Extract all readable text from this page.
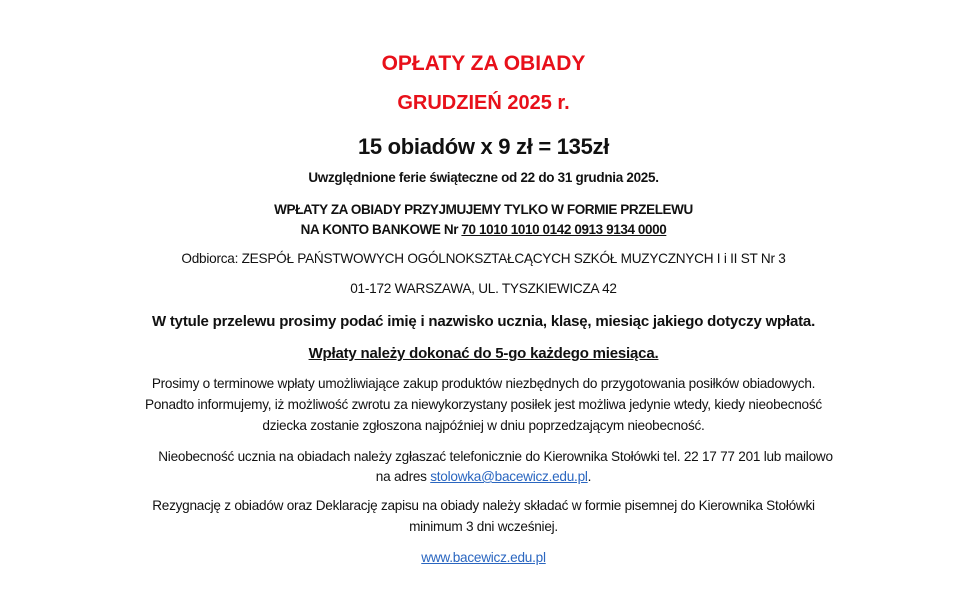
OPŁATY ZA OBIADY
GRUDZIEŃ 2025 r.
15 obiadów x 9 zł = 135zł
Uwzględnione ferie świąteczne od 22 do 31 grudnia 2025.
WPŁATY ZA OBIADY PRZYJMUJEMY TYLKO W FORMIE PRZELEWU
NA KONTO BANKOWE Nr 70 1010 1010 0142 0913 9134 0000
Odbiorca: ZESPÓŁ PAŃSTWOWYCH OGÓLNOKSZTAŁCĄCYCH SZKÓŁ MUZYCZNYCH I i II ST Nr 3
01-172 WARSZAWA, UL. TYSZKIEWICZA 42
W tytule przelewu prosimy podać imię i nazwisko ucznia, klasę, miesiąc jakiego dotyczy wpłata.
Wpłaty należy dokonać do 5-go każdego miesiąca.
Prosimy o terminowe wpłaty umożliwiające zakup produktów niezbędnych do przygotowania posiłków obiadowych.
Ponadto informujemy, iż możliwość zwrotu za niewykorzystany posiłek jest możliwa jedynie wtedy, kiedy nieobecność
dziecka zostanie zgłoszona najpóźniej w dniu poprzedzającym nieobecność.
Nieobecność ucznia na obiadach należy zgłaszać telefonicznie do Kierownika Stołówki tel. 22 17 77 201 lub mailowo
na adres stolowka@bacewicz.edu.pl.
Rezygnację z obiadów oraz Deklarację zapisu na obiady należy składać w formie pisemnej do Kierownika Stołówki
minimum 3 dni wcześniej.
www.bacewicz.edu.pl
